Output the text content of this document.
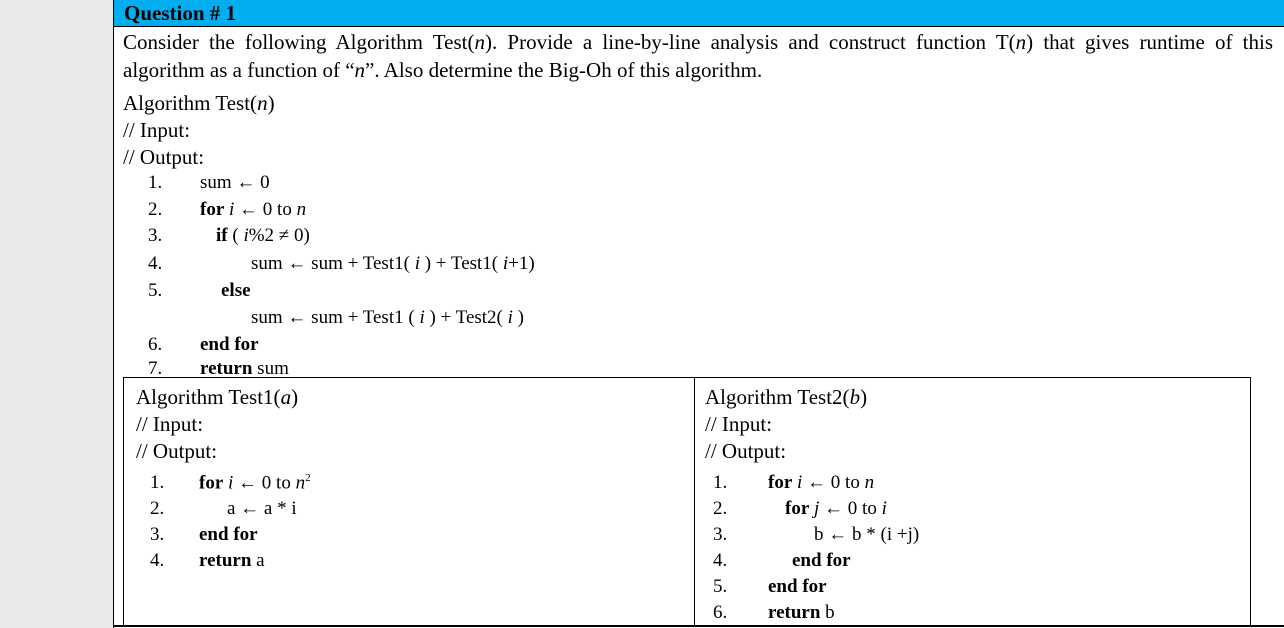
Question # 1
Consider the following Algorithm Test(n). Provide a line-by-line analysis and construct function T(n) that gives runtime of this algorithm as a function of “n”. Also determine the Big-Oh of this algorithm.
Algorithm Test(n)
// Input:
// Output:
1. sum ← 0
2. for i ← 0 to n
3.	if ( i%2 ≠ 0)
4.	sum ← sum + Test1( i ) + Test1( i+1)
5.	else
sum ← sum + Test1 ( i ) + Test2( i )
6. end for
7. return sum
Algorithm Test1(a)
// Input:
// Output:
1. for i ← 0 to $n^2$
2.	a ← a * i
3. end for
4. return a
Algorithm Test2(b)
// Input:
// Output:
1. for i ← 0 to n
2.	for j ← 0 to i
3.	b ← b * (i +j)
4.	end for
5. end for
6. return b
